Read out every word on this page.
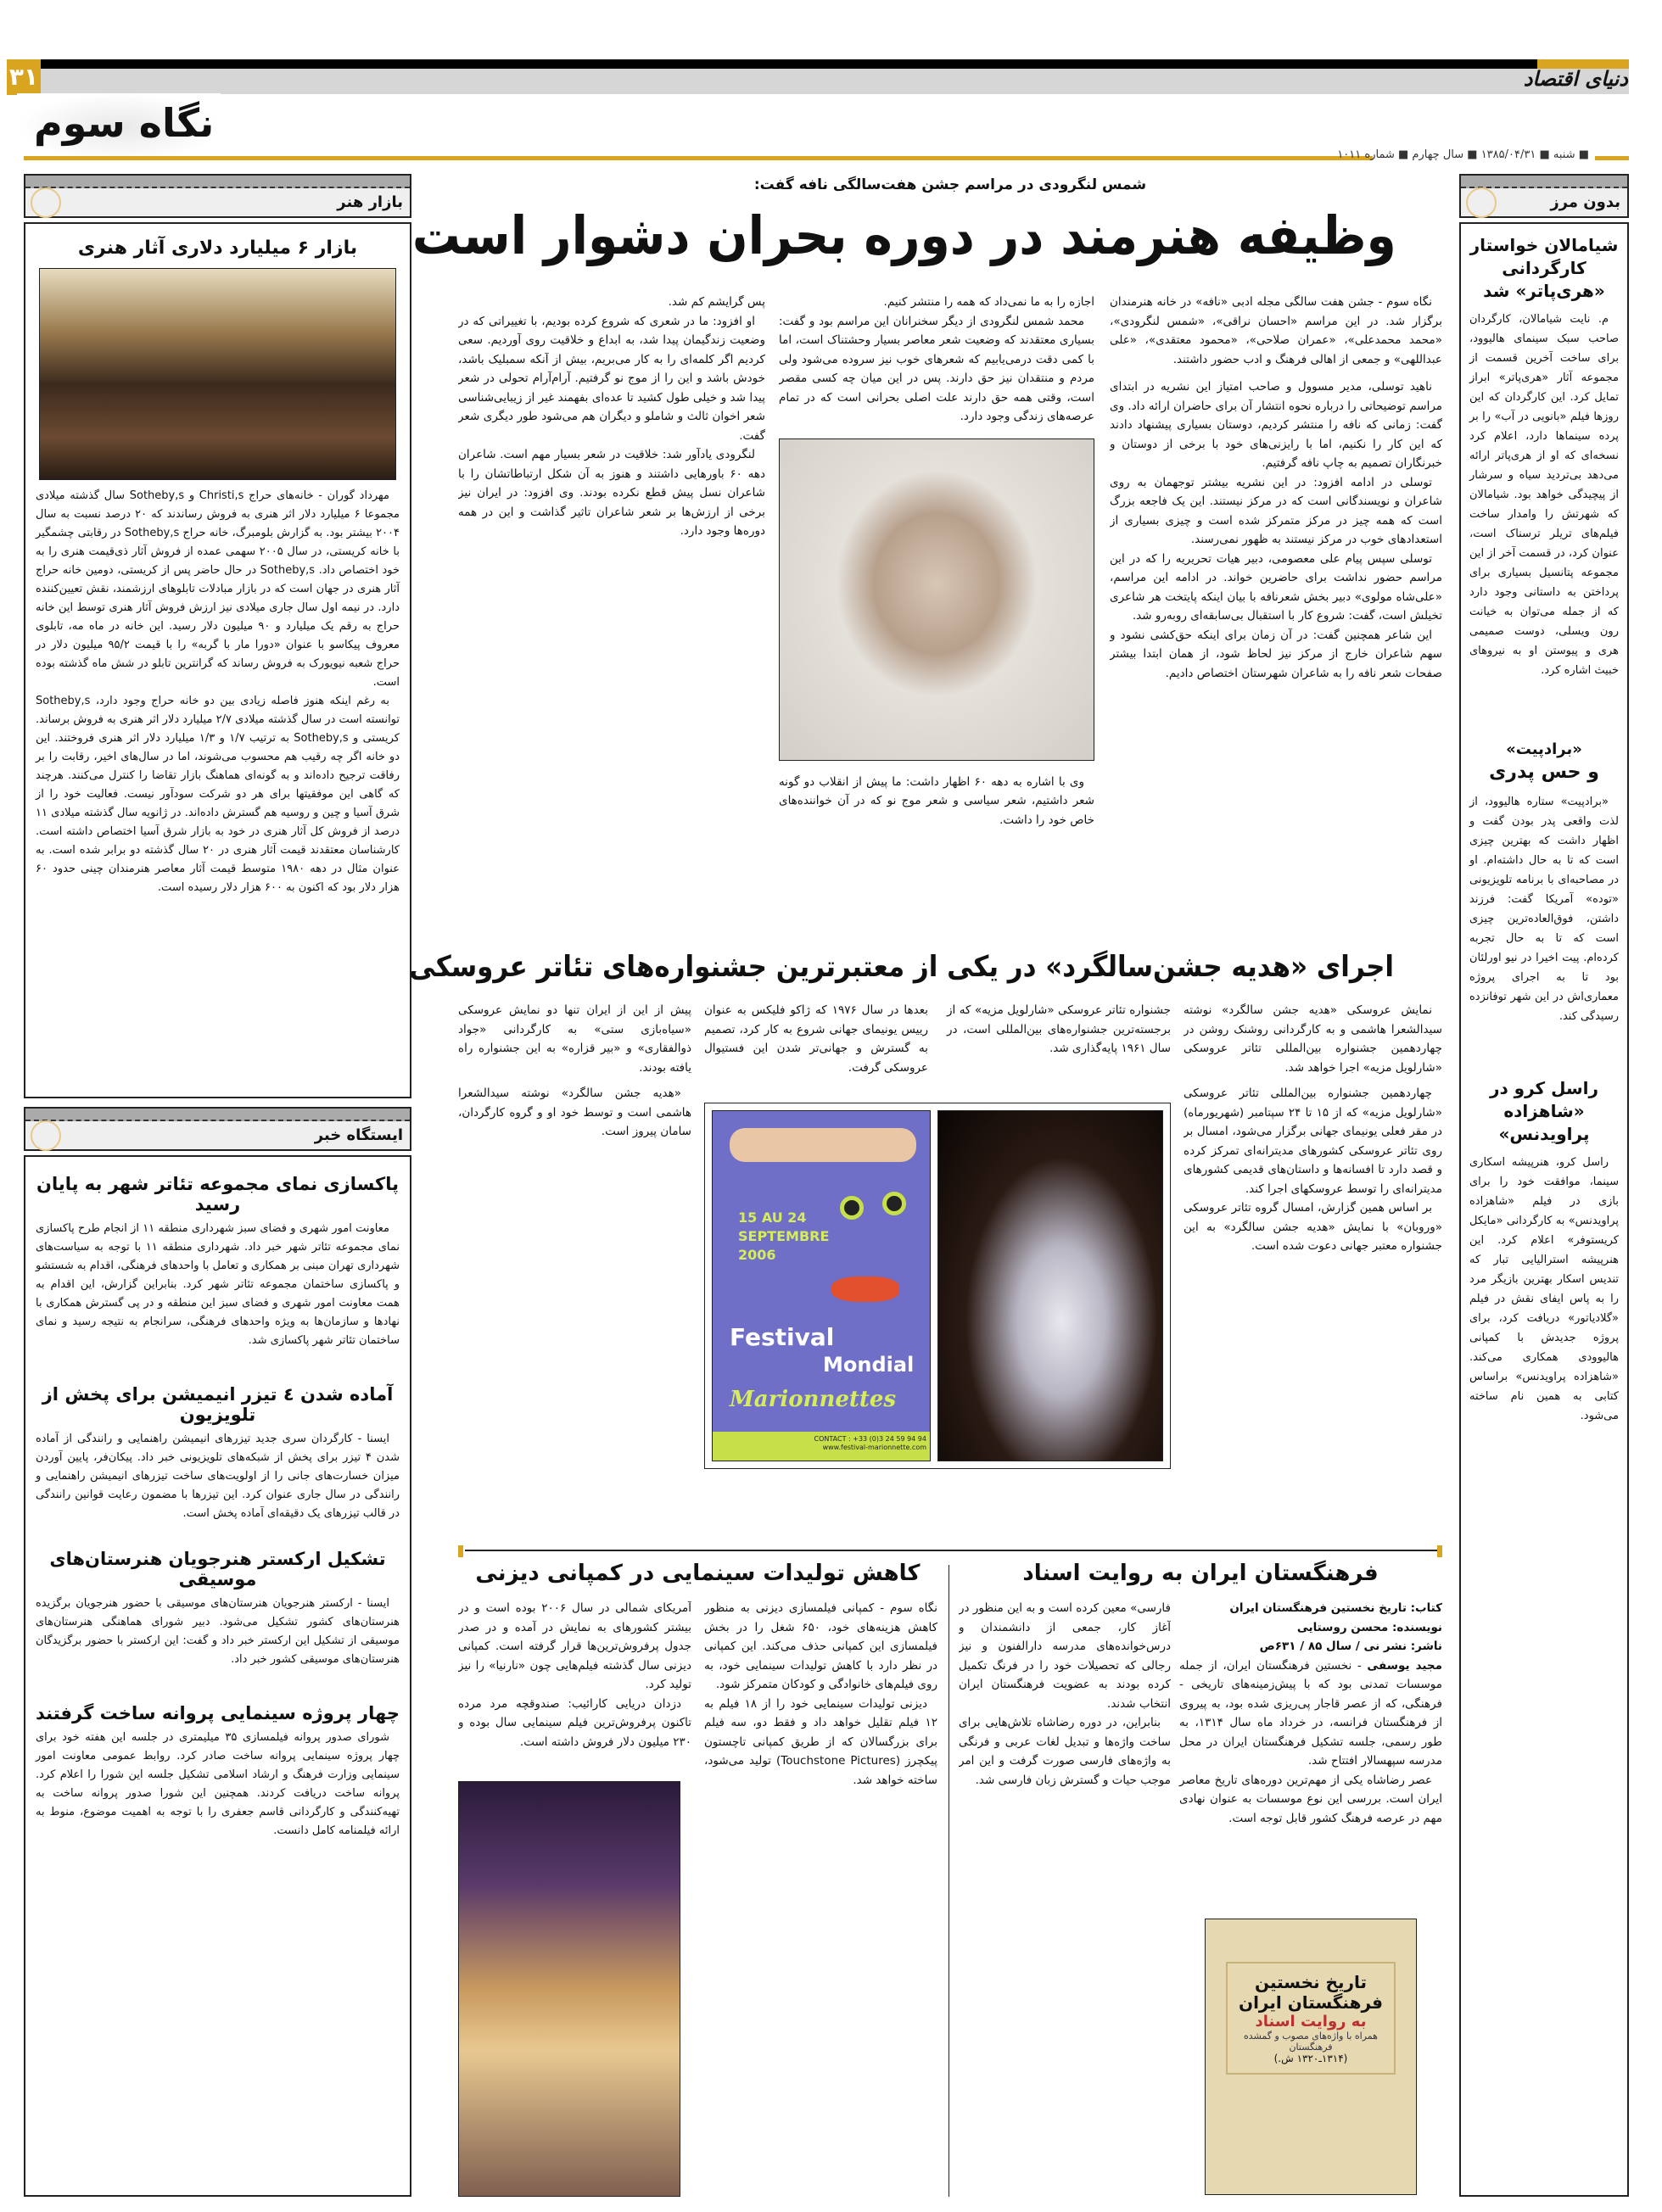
۳۱	دنیای اقتصاد
نگاه سوم
■ شنبه ■ ۱۳۸۵/۰۴/۳۱ ■ سال چهارم ■ شماره ۱۰۱۱
بازار هنر
بازار ۶ میلیارد دلاری آثار هنری
مهرداد گوران - خانه‌های حراج Christi,s و Sotheby,s سال گذشته میلادی مجموعا ۶ میلیارد دلار اثر هنری به فروش رساندند که ۲۰ درصد نسبت به سال ۲۰۰۴ بیشتر بود. به گزارش بلومبرگ، خانه حراج Sotheby,s در رقابتی چشمگیر با خانه کریستی، در سال ۲۰۰۵ سهمی عمده از فروش آثار ذی‌قیمت هنری را به خود اختصاص داد. Sotheby,s در حال حاضر پس از کریستی، دومین خانه حراج آثار هنری در جهان است که در بازار مبادلات تابلوهای ارزشمند، نقش تعیین‌کننده دارد. در نیمه اول سال جاری میلادی نیز ارزش فروش آثار هنری توسط این خانه حراج به رقم یک میلیارد و ۹۰ میلیون دلار رسید. این خانه در ماه مه، تابلوی معروف پیکاسو با عنوان «دورا مار با گربه» را با قیمت ۹۵/۲ میلیون دلار در حراج شعبه نیویورک به فروش رساند که گرانترین تابلو در شش ماه گذشته بوده است.
به رغم اینکه هنوز فاصله زیادی بین دو خانه حراج وجود دارد، Sotheby,s توانسته است در سال گذشته میلادی ۲/۷ میلیارد دلار اثر هنری به فروش برساند. کریستی و Sotheby,s به ترتیب ۱/۷ و ۱/۳ میلیارد دلار اثر هنری فروختند. این دو خانه اگر چه رقیب هم محسوب می‌شوند، اما در سال‌های اخیر، رقابت را بر رفاقت ترجیح داده‌اند و به گونه‌ای هماهنگ بازار تقاضا را کنترل می‌کنند. هرچند که گاهی این موفقیتها برای هر دو شرکت سودآور نیست. فعالیت خود را از شرق آسیا و چین و روسیه هم گسترش داده‌اند. در ژانویه سال گذشته میلادی ۱۱ درصد از فروش کل آثار هنری در خود به بازار شرق آسیا اختصاص داشته است. کارشناسان معتقدند قیمت آثار هنری در ۲۰ سال گذشته دو برابر شده است. به عنوان مثال در دهه ۱۹۸۰ متوسط قیمت آثار معاصر هنرمندان چینی حدود ۶۰ هزار دلار بود که اکنون به ۶۰۰ هزار دلار رسیده است.
ایستگاه خبر
پاکسازی نمای مجموعه تئاتر شهر به پایان رسید
معاونت امور شهری و فضای سبز شهرداری منطقه ۱۱ از انجام طرح پاکسازی نمای مجموعه تئاتر شهر خبر داد. شهرداری منطقه ۱۱ با توجه به سیاست‌های شهرداری تهران مبنی بر همکاری و تعامل با واحدهای فرهنگی، اقدام به شستشو و پاکسازی ساختمان مجموعه تئاتر شهر کرد. بنابراین گزارش، این اقدام به همت معاونت امور شهری و فضای سبز این منطقه و در پی گسترش همکاری با نهادها و سازمان‌ها به ویژه واحدهای فرهنگی، سرانجام به نتیجه رسید و نمای ساختمان تئاتر شهر پاکسازی شد.
آماده شدن ٤ تیزر انیمیشن برای پخش از تلویزیون
ایسنا - کارگردان سری جدید تیزرهای انیمیشن راهنمایی و رانندگی از آماده شدن ۴ تیزر برای پخش از شبکه‌های تلویزیونی خبر داد. پیکان‌فر، پایین آوردن میزان خسارت‌های جانی را از اولویت‌های ساخت تیزرهای انیمیشن راهنمایی و رانندگی در سال جاری عنوان کرد. این تیزرها با مضمون رعایت قوانین رانندگی در قالب تیزرهای یک دقیقه‌ای آماده پخش است.
تشکیل ارکستر هنرجویان هنرستان‌های موسیقی
ایسنا - ارکستر هنرجویان هنرستان‌های موسیقی با حضور هنرجویان برگزیده هنرستان‌های کشور تشکیل می‌شود. دبیر شورای هماهنگی هنرستان‌های موسیقی از تشکیل این ارکستر خبر داد و گفت: این ارکستر با حضور برگزیدگان هنرستان‌های موسیقی کشور خبر داد.
چهار پروژه سینمایی پروانه ساخت گرفتند
شورای صدور پروانه فیلمسازی ۳۵ میلیمتری در جلسه این هفته خود برای چهار پروژه سینمایی پروانه ساخت صادر کرد. روابط عمومی معاونت امور سینمایی وزارت فرهنگ و ارشاد اسلامی تشکیل جلسه این شورا را اعلام کرد. پروانه ساخت دریافت کردند. همچنین این شورا صدور پروانه ساخت به تهیه‌کنندگی و کارگردانی قاسم جعفری را با توجه به اهمیت موضوع، منوط به ارائه فیلمنامه کامل دانست.
شمس لنگرودی در مراسم جشن هفت‌سالگی نافه گفت:
وظیفه هنرمند در دوره بحران دشوار است

نگاه سوم - جشن هفت سالگی مجله ادبی «نافه» در خانه هنرمندان برگزار شد. در این مراسم «احسان نراقی»، «شمس لنگرودی»، «محمد محمدعلی»، «عمران صلاحی»، «محمود معتقدی»، «علی عبداللهی» و جمعی از اهالی فرهنگ و ادب حضور داشتند.

ناهید توسلی، مدیر مسوول و صاحب امتیاز این نشریه در ابتدای مراسم توضیحاتی را درباره نحوه انتشار آن برای حاضران ارائه داد. وی گفت: زمانی که نافه را منتشر کردیم، دوستان بسیاری پیشنهاد دادند که این کار را نکنیم، اما با رایزنی‌های خود با برخی از دوستان و خبرنگاران تصمیم به چاپ نافه گرفتیم.

توسلی در ادامه افزود: در این نشریه بیشتر توجهمان به روی شاعران و نویسندگانی است که در مرکز نیستند. این یک فاجعه بزرگ است که همه چیز در مرکز متمرکز شده است و چیزی بسیاری از استعدادهای خوب در مرکز نیستند به ظهور نمی‌رسند.

توسلی سپس پیام علی معصومی، دبیر هیات تحریریه را که در این مراسم حضور نداشت برای حاضرین خواند. در ادامه این مراسم، «علی‌شاه مولوی» دبیر بخش شعرنافه با بیان اینکه پایتخت هر شاعری تخیلش است، گفت: شروع کار با استقبال بی‌سابقه‌ای روبه‌رو شد.

این شاعر همچنین گفت: در آن زمان برای اینکه حق‌کشی نشود و سهم شاعران خارج از مرکز نیز لحاظ شود، از همان ابتدا بیشتر صفحات شعر نافه را به شاعران شهرستان اختصاص دادیم.

اجازه را به ما نمی‌داد که همه را منتشر کنیم.

محمد شمس لنگرودی از دیگر سخنرانان این مراسم بود و گفت: بسیاری معتقدند که وضعیت شعر معاصر بسیار وحشتناک است، اما با کمی دقت درمی‌یابیم که شعرهای خوب نیز سروده می‌شود ولی مردم و منتقدان نیز حق دارند. پس در این میان چه کسی مقصر است، وقتی همه حق دارند علت اصلی بحرانی است که در تمام عرصه‌های زندگی وجود دارد.

وی با اشاره به دهه ۶۰ اظهار داشت: ما پیش از انقلاب دو گونه شعر داشتیم، شعر سیاسی و شعر موج نو که در آن خواننده‌های خاص خود را داشت.

پس گرایشم کم شد.

او افزود: ما در شعری که شروع کرده بودیم، با تغییراتی که در وضعیت زندگیمان پیدا شد، به ابداع و خلاقیت روی آوردیم. سعی کردیم اگر کلمه‌ای را به کار می‌بریم، بیش از آنکه سمبلیک باشد، خودش باشد و این را از موج نو گرفتیم. آرام‌آرام تحولی در شعر پیدا شد و خیلی طول کشید تا عده‌ای بفهمند غیر از زیبایی‌شناسی شعر اخوان ثالث و شاملو و دیگران هم می‌شود طور دیگری شعر گفت.

لنگرودی یادآور شد: خلاقیت در شعر بسیار مهم است. شاعران دهه ۶۰ باورهایی داشتند و هنوز به آن شکل ارتباطاتشان را با شاعران نسل پیش قطع نکرده بودند. وی افزود: در ایران نیز برخی از ارزش‌ها بر شعر شاعران تاثیر گذاشت و این در همه دوره‌ها وجود دارد.

اجرای «هدیه جشن‌سالگرد» در یکی از معتبرترین جشنواره‌های تئاتر عروسکی

نمایش عروسکی «هدیه جشن سالگرد» نوشته سیدالشعرا هاشمی و به کارگردانی روشنک روشن در چهاردهمین جشنواره بین‌المللی تئاتر عروسکی «شارلویل مزیه» اجرا خواهد شد.

چهاردهمین جشنواره بین‌المللی تئاتر عروسکی «شارلویل مزیه» که از ۱۵ تا ۲۴ سپتامبر (شهریورماه) در مقر فعلی یونیمای جهانی برگزار می‌شود، امسال بر روی تئاتر عروسکی کشورهای مدیترانه‌ای تمرکز کرده و قصد دارد تا افسانه‌ها و داستان‌های قدیمی کشورهای مدیترانه‌ای را توسط عروسکهای اجرا کند.

بر اساس همین گزارش، امسال گروه تئاتر عروسکی «وروبان» با نمایش «هدیه جشن سالگرد» به این جشنواره معتبر جهانی دعوت شده است.

جشنواره تئاتر عروسکی «شارلویل مزیه» که از برجسته‌ترین جشنواره‌های بین‌المللی است، در سال ۱۹۶۱ پایه‌گذاری شد.

بعدها در سال ۱۹۷۶ که ژاکو فلیکس به عنوان رییس یونیمای جهانی شروع به کار کرد، تصمیم به گسترش و جهانی‌تر شدن این فستیوال عروسکی گرفت.

15 AU 24 SEPTEMBRE 2006
Festival
Mondial
Marionnettes
CONTACT : +33 (0)3 24 59 94 94
www.festival-marionnette.com

پیش از این از ایران تنها دو نمایش عروسکی «سیاه‌بازی ستی» به کارگردانی «جواد ذوالفقاری» و «بیر قزاره» به این جشنواره راه یافته بودند.

«هدیه جشن سالگرد» نوشته سیدالشعرا هاشمی است و توسط خود او و گروه کارگردان، سامان پیروز است.

فرهنگستان ایران به روایت اسناد
کتاب: تاریخ نخستین فرهنگستان ایران
نویسنده: محسن روستایی
ناشر: نشر نی / سال ۸۵ / ۶۳۱ص

مجید یوسفی - نخستین فرهنگستان ایران، از جمله موسسات تمدنی بود که با پیش‌زمینه‌های تاریخی - فرهنگی، که از عصر قاجار پی‌ریزی شده بود، به پیروی از فرهنگستان فرانسه، در خرداد ماه سال ۱۳۱۴، به طور رسمی، جلسه تشکیل فرهنگستان ایران در محل مدرسه سپهسالار افتتاح شد.

عصر رضاشاه یکی از مهم‌ترین دوره‌های تاریخ معاصر ایران است. بررسی این نوع موسسات به عنوان نهادی مهم در عرصه فرهنگ کشور قابل توجه است.

تاریخ نخستین
فرهنگستان ایران
به روایت اسناد
همراه با واژه‌های مصوب و گمشده فرهنگستان
(۱۳۱۴ـ۱۳۲۰ ش.)

فارسی» معین کرده است و به این منظور در آغاز کار، جمعی از دانشمندان و درس‌خوانده‌های مدرسه دارالفنون و نیز رجالی که تحصیلات خود را در فرنگ تکمیل کرده بودند به عضویت فرهنگستان ایران انتخاب شدند.

بنابراین، در دوره رضاشاه تلاش‌هایی برای ساخت واژه‌ها و تبدیل لغات عربی و فرنگی به واژه‌های فارسی صورت گرفت و این امر موجب حیات و گسترش زبان فارسی شد.

کاهش تولیدات سینمایی در کمپانی دیزنی

نگاه سوم - کمپانی فیلمسازی دیزنی به منظور کاهش هزینه‌های خود، ۶۵۰ شغل را در بخش فیلمسازی این کمپانی حذف می‌کند. این کمپانی در نظر دارد با کاهش تولیدات سینمایی خود، به روی فیلم‌های خانوادگی و کودکان متمرکز شود.

دیزنی تولیدات سینمایی خود را از ۱۸ فیلم به ۱۲ فیلم تقلیل خواهد داد و فقط دو، سه فیلم برای بزرگسالان که از طریق کمپانی تاچستون پیکچرز (Touchstone Pictures) تولید می‌شود، ساخته خواهد شد.

آمریکای شمالی در سال ۲۰۰۶ بوده است و در بیشتر کشورهای به نمایش در آمده و در صدر جدول پرفروش‌ترین‌ها قرار گرفته است. کمپانی دیزنی سال گذشته فیلم‌هایی چون «نارنیا» را نیز تولید کرد.

دزدان دریایی کارائیب: صندوقچه مرد مرده تاکنون پرفروش‌ترین فیلم سینمایی سال بوده و ۲۳۰ میلیون دلار فروش داشته است.

بدون مرز
شیامالان خواستار کارگردانی «هری‌پاتر» شد
م. نایت شیامالان، کارگردان صاحب سبک سینمای هالیوود، برای ساخت آخرین قسمت از مجموعه آثار «هری‌پاتر» ابراز تمایل کرد. این کارگردان که این روزها فیلم «بانویی در آب» را بر پرده سینماها دارد، اعلام کرد نسخه‌ای که او از هری‌پاتر ارائه می‌دهد بی‌تردید سیاه و سرشار از پیچیدگی خواهد بود. شیامالان که شهرتش را وامدار ساخت فیلم‌های تریلر ترسناک است، عنوان کرد، در قسمت آخر از این مجموعه پتانسیل بسیاری برای پرداختن به داستانی وجود دارد که از جمله می‌توان به خیانت رون ویسلی، دوست صمیمی هری و پیوستن او به نیروهای خبیث اشاره کرد.
«برادپیت»
و حس پدری
«برادپیت» ستاره هالیوود، از لذت واقعی پدر بودن گفت و اظهار داشت که بهترین چیزی است که تا به حال داشته‌ام. او در مصاحبه‌ای با برنامه تلویزیونی «توده» آمریکا گفت: فرزند داشتن، فوق‌العاده‌ترین چیزی است که تا به حال تجربه کرده‌ام. پیت اخیرا در نیو اورلئان بود تا به اجرای پروژه معماری‌اش در این شهر توفانزده رسیدگی کند.
راسل کرو در
«شاهزاده پراویدنس»
راسل کرو، هنرپیشه اسکاری سینما، موافقت خود را برای بازی در فیلم «شاهزاده پراویدنس» به کارگردانی «مایکل کریستوفر» اعلام کرد. این هنرپیشه استرالیایی تبار که تندیس اسکار بهترین بازیگر مرد را به پاس ایفای نقش در فیلم «گلادیاتور» دریافت کرد، برای پروژه جدیدش با کمپانی هالیوودی همکاری می‌کند. «شاهزاده پراویدنس» براساس کتابی به همین نام ساخته می‌شود.
